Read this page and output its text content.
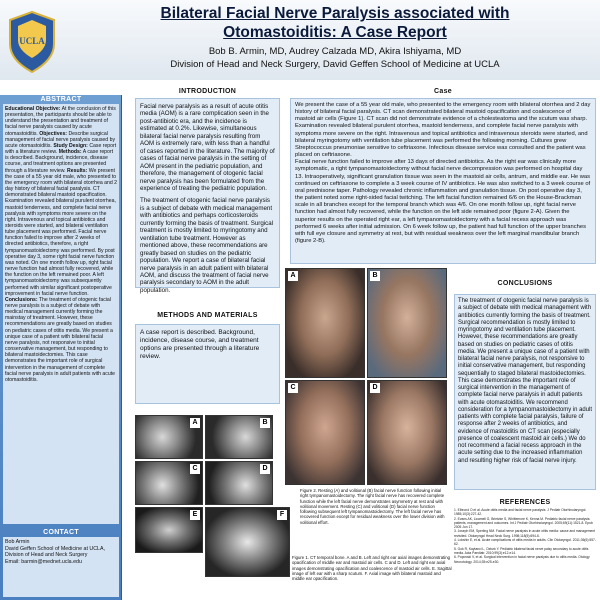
UCLA
Bilateral Facial Nerve Paralysis associated with Otomastoiditis: A Case Report
Bob B. Armin, MD, Audrey Calzada MD, Akira Ishiyama, MD
Division of Head and Neck Surgery, David Geffen School of Medicine at UCLA
ABSTRACT
Educational Objective: At the conclusion of this presentation, the participants should be able to understand the presentation and treatment of facial nerve paralysis caused by acute otomastoiditis. Objectives: Describe surgical management of facial nerve paralysis caused by acute otomastoiditis. Study Design: Case report with a literature review. Methods: A case report is described. Background, incidence, disease course, and treatment options are presented through a literature review. Results: We present the case of a 55 year old male, who presented to the emergency room with bilateral otorrhea and 2 day history of bilateral facial paralysis. CT demonstrated bilateral mastoid opacification. Examination revealed bilateral purulent otorrhea, mastoid tenderness, and complete facial nerve paralysis with symptoms more severe on the right. Intravenous and topical antibiotics and steroids were started, and bilateral ventilation tube placement was performed. Facial nerve function failed to improve after 2 weeks of directed antibiotics, therefore, a right tympanomastoidectomy was performed. By post operative day 3, some right facial nerve function was noted. On one month follow up, right facial nerve function had almost fully recovered, while the function on the left remained poor. A left tympanomastoidectomy was subsequently performed with similar significant postoperative improvement in facial nerve function. Conclusions: The treatment of otogenic facial nerve paralysis is a subject of debate with medical management currently forming the mainstay of treatment. However, these recommendations are greatly based on studies on pediatric cases of otitis media. We present a unique case of a patient with bilateral facial nerve paralysis, not responsive to initial conservative management, but responding to bilateral mastoidectomies. This case demonstrates the important role of surgical intervention in the management of complete facial nerve paralysis in adult patients with acute otomastoiditis.
CONTACT
Bob Armin
David Geffen School of Medicine at UCLA, Division of Head and Neck Surgery
Email: barmin@mednet.ucla.edu
INTRODUCTION

Facial nerve paralysis as a result of acute otitis media (AOM) is a rare complication seen in the post-antibiotic era, and the incidence is estimated at 0.2%. Likewise, simultaneous bilateral facial nerve paralysis resulting from AOM is extremely rare, with less than a handful of cases reported in the literature. The majority of cases of facial nerve paralysis in the setting of AOM present in the pediatric population, and therefore, the management of otogenic facial nerve paralysis has been formulated from the experience of treating the pediatric population.

The treatment of otogenic facial nerve paralysis is a subject of debate with medical management with antibiotics and perhaps corticosteroids currently forming the basis of treatment. Surgical treatment is mostly limited to myringotomy and ventilation tube treatment. However as mentioned above, these recommendations are greatly based on studies on the pediatric population. We report a case of bilateral facial nerve paralysis in an adult patient with bilateral AOM, and discuss the treatment of facial nerve paralysis secondary to AOM in the adult population.

METHODS AND MATERIALS

A case report is described. Background, incidence, disease course, and treatment options are presented through a literature review.

Case

We present the case of a 55 year old male, who presented to the emergency room with bilateral otorrhea and 2 day history of bilateral facial paralysis. CT scan demonstrated bilateral mastoid opacification and coalescence of mastoid air cells (Figure 1). CT scan did not demonstrate evidence of a cholesteatoma and the scutum was sharp. Examination revealed bilateral purulent otorrhea, mastoid tenderness, and complete facial nerve paralysis with symptoms more severe on the right. Intravenous and topical antibiotics and intravenous steroids were started, and bilateral myringotomy with ventilation tube placement was performed the following morning. Cultures grew Streptococcus pneumoniae sensitive to ceftriaxone. Infectious disease service was consulted and the patient was placed on ceftriaxone.

Facial nerve function failed to improve after 13 days of directed antibiotics. As the right ear was clinically more symptomatic, a right tympanomastoidectomy without facial nerve decompression was performed on hospital day 13. Intraoperatively, significant granulation tissue was seen in the mastoid air cells, antrum, and middle ear. He was continued on ceftriaxone to complete a 3 week course of IV antibiotics. He was also switched to a 3 week course of oral prednisone taper. Pathology revealed chronic inflammation and granulation tissue. On post operative day 3, the patient noted some right-sided facial twitching. The left facial function remained 6/6 on the House-Brackman scale in all branches except for the temporal branch which was 4/6. On one month follow up, right facial nerve function had almost fully recovered, while the function on the left side remained poor (figure 2-A). Given the superior results on the operated right ear, a left tympanomastoidectomy with a facial recess approach was performed 6 weeks after initial admission. On 6 week follow up, the patient had full function of the upper branches with full eye closure and symmetry at rest, but with residual weakness over the left marginal mandibular branch (figure 2-B).

A	B
C	D
Figure 2. Resting (A) and volitional (B) facial nerve function following initial right tympanomastoidectomy. The right facial nerve has recovered complete function while the left facial nerve demonstrates asymmetry at rest and with volitional movement. Resting (C) and volitional (D) facial nerve function following subsequent left tympanomastoidectomy. The left facial nerve has recovered function except for residual weakness over the lower division with volitional effort.
A	B
C	D
E	F
Figure 1. CT temporal bone. A and B. Left and right ear axial images demonstrating opacification of middle ear and mastoid air cells. C and D. Left and right ear axial images demonstrating opacification and coalescence of mastoid air cells. E. Sagittal image of left ear with a sharp scutum. F. Axial image with bilateral mastoid and middle ear opacification.
CONCLUSIONS

The treatment of otogenic facial nerve paralysis is a subject of debate with medical management with antibiotics currently forming the basis of treatment. Surgical recommendation is mostly limited to myringotomy and ventilation tube placement. However, these recommendations are greatly based on studies on pediatric cases of otitis media. We present a unique case of a patient with bilateral facial nerve paralysis, not responsive to initial conservative management, but responding sequentially to staged bilateral mastoidectomies. This case demonstrates the important role of surgical intervention in the management of complete facial nerve paralysis in adult patients with acute otomastoiditis. We recommend consideration for a tympanomastoidectomy in adult patients with complete facial paralysis, failure of response after 2 weeks of antibiotics, and evidence of mastoiditis on CT scan (especially presence of coalescent mastoid air cells.) We do not recommend a facial recess approach in the acute setting due to the increased inflammation and resulting higher risk of facial nerve injury.

REFERENCES
1. Elbrond O et al. Acute otitis media and facial nerve paralysis. J Pediatr Otorhinolaryngol. 1985;10(3):227-42.
2. Evans AK, Licameli G, Brietzke S, Whittemore K, Kenna M. Pediatric facial nerve paralysis: patients, management and outcomes. Int J Pediatr Otorhinolaryngol. 2005;69(11):1521-8. Epub 2005 Jun 17.
3. Joseph EM, Sperling NM. Facial nerve paralysis in acute otitis media: cause and management revisited. Otolaryngol Head Neck Surg. 1998;118(5):694-6.
4. Lokshin E, et al. Acute complications of otitis media in adults. Clin Otolaryngol. 2011;36(6):557-62.
5. Gok R, Kaytanci L, Ozturk Y. Pediatric bilateral facial nerve palsy secondary to acute otitis media. Acta Paediatr. 2010;99(3):e12-e14.
6. Popovski V, et al. Surgical intervention in facial nerve paralysis due to otitis media. Otology Neurotology. 2014;35:e25-e30.
